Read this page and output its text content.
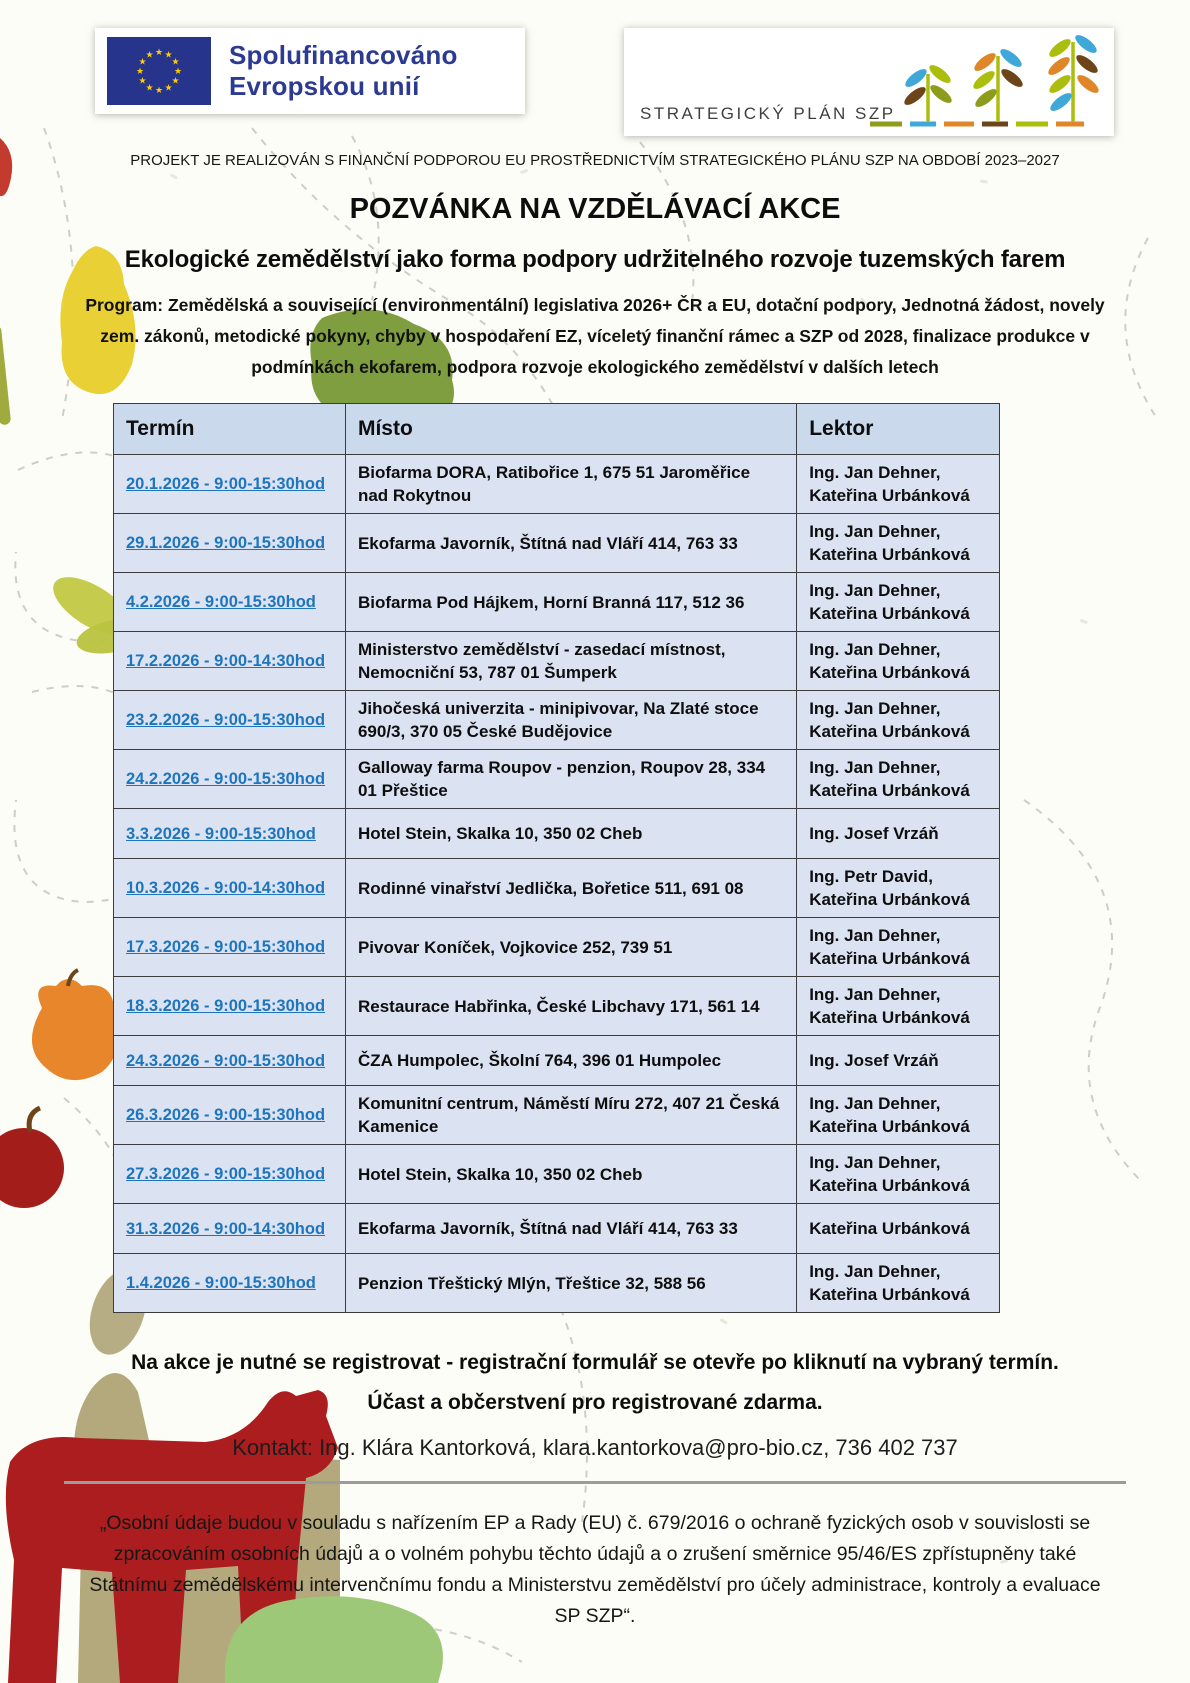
★ ★
★
★
★
★
★
★
★
★
★
★	Spolufinancováno
Evropskou unií
STRATEGICKÝ PLÁN SZP
PROJEKT JE REALIZOVÁN S FINANČNÍ PODPOROU EU PROSTŘEDNICTVÍM STRATEGICKÉHO PLÁNU SZP NA OBDOBÍ 2023–2027
POZVÁNKA NA VZDĚLÁVACÍ AKCE
Ekologické zemědělství jako forma podpory udržitelného rozvoje tuzemských farem

Program: Zemědělská a související (environmentální) legislativa 2026+ ČR a EU, dotační podpory, Jednotná žádost, novely zem. zákonů, metodické pokyny, chyby v hospodaření EZ, víceletý finanční rámec a SZP od 2028, finalizace produkce v podmínkách ekofarem, podpora rozvoje ekologického zemědělství v dalších letech

Termín	Místo	Lektor
20.1.2026 - 9:00-15:30hod	Biofarma DORA, Ratibořice 1, 675 51 Jaroměřice nad Rokytnou	Ing. Jan Dehner, Kateřina Urbánková
29.1.2026 - 9:00-15:30hod	Ekofarma Javorník, Štítná nad Vláří 414, 763 33	Ing. Jan Dehner, Kateřina Urbánková
4.2.2026 - 9:00-15:30hod	Biofarma Pod Hájkem, Horní Branná 117, 512 36	Ing. Jan Dehner, Kateřina Urbánková
17.2.2026 - 9:00-14:30hod	Ministerstvo zemědělství - zasedací místnost, Nemocniční 53, 787 01 Šumperk	Ing. Jan Dehner, Kateřina Urbánková
23.2.2026 - 9:00-15:30hod	Jihočeská univerzita - minipivovar, Na Zlaté stoce 690/3, 370 05 České Budějovice	Ing. Jan Dehner, Kateřina Urbánková
24.2.2026 - 9:00-15:30hod	Galloway farma Roupov - penzion, Roupov 28, 334 01 Přeštice	Ing. Jan Dehner, Kateřina Urbánková
3.3.2026 - 9:00-15:30hod	Hotel Stein, Skalka 10, 350 02 Cheb	Ing. Josef Vrzáň
10.3.2026 - 9:00-14:30hod	Rodinné vinařství Jedlička, Bořetice 511, 691 08	Ing. Petr David, Kateřina Urbánková
17.3.2026 - 9:00-15:30hod	Pivovar Koníček, Vojkovice 252, 739 51	Ing. Jan Dehner, Kateřina Urbánková
18.3.2026 - 9:00-15:30hod	Restaurace Habřinka, České Libchavy 171, 561 14	Ing. Jan Dehner, Kateřina Urbánková
24.3.2026 - 9:00-15:30hod	ČZA Humpolec, Školní 764, 396 01 Humpolec	Ing. Josef Vrzáň
26.3.2026 - 9:00-15:30hod	Komunitní centrum, Náměstí Míru 272, 407 21 Česká Kamenice	Ing. Jan Dehner, Kateřina Urbánková
27.3.2026 - 9:00-15:30hod	Hotel Stein, Skalka 10, 350 02 Cheb	Ing. Jan Dehner, Kateřina Urbánková
31.3.2026 - 9:00-14:30hod	Ekofarma Javorník, Štítná nad Vláří 414, 763 33	Kateřina Urbánková
1.4.2026 - 9:00-15:30hod	Penzion Třeštický Mlýn, Třeštice 32, 588 56	Ing. Jan Dehner, Kateřina Urbánková
Na akce je nutné se registrovat - registrační formulář se otevře po kliknutí na vybraný termín.
Účast a občerstvení pro registrované zdarma.
Kontakt: Ing. Klára Kantorková, klara.kantorkova@pro-bio.cz, 736 402 737

„Osobní údaje budou v souladu s nařízením EP a Rady (EU) č. 679/2016 o ochraně fyzických osob v souvislosti se zpracováním osobních údajů a o volném pohybu těchto údajů a o zrušení směrnice 95/46/ES zpřístupněny také Státnímu zemědělskému intervenčnímu fondu a Ministerstvu zemědělství pro účely administrace, kontroly a evaluace SP SZP“.
